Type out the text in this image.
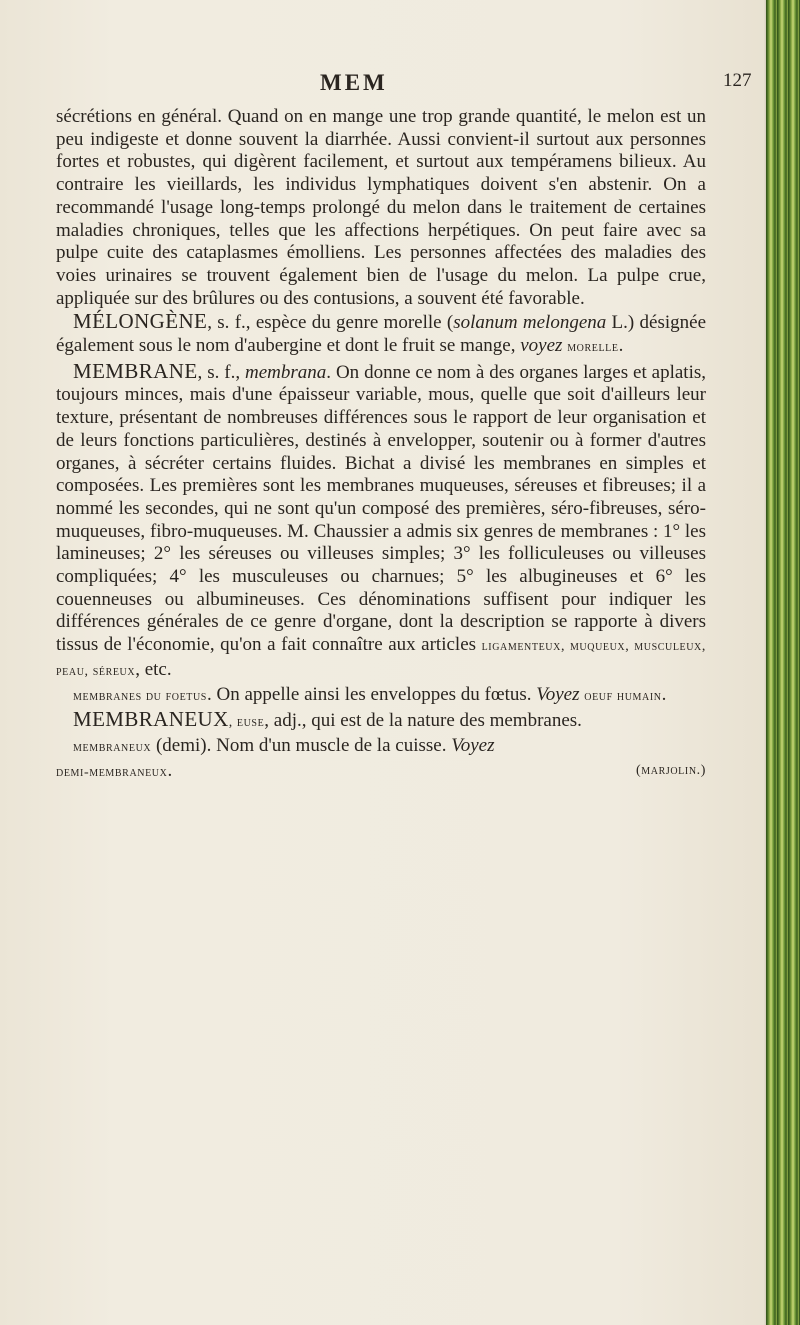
MEM	127

sécrétions en général. Quand on en mange une trop grande quantité, le melon est un peu indigeste et donne souvent la diarrhée. Aussi convient-il surtout aux personnes fortes et robustes, qui digèrent facilement, et surtout aux tempéramens bilieux. Au contraire les vieillards, les individus lymphatiques doivent s'en abstenir. On a recommandé l'usage long-temps prolongé du melon dans le traitement de certaines maladies chroniques, telles que les affections herpétiques. On peut faire avec sa pulpe cuite des cataplasmes émolliens. Les personnes affectées des maladies des voies urinaires se trouvent également bien de l'usage du melon. La pulpe crue, appliquée sur des brûlures ou des contusions, a souvent été favorable.

MÉLONGÈNE, s. f., espèce du genre morelle (solanum melongena L.) désignée également sous le nom d'aubergine et dont le fruit se mange, voyez morelle.

MEMBRANE, s. f., membrana. On donne ce nom à des organes larges et aplatis, toujours minces, mais d'une épaisseur variable, mous, quelle que soit d'ailleurs leur texture, présentant de nombreuses différences sous le rapport de leur organisation et de leurs fonctions particulières, destinés à envelopper, soutenir ou à former d'autres organes, à sécréter certains fluides. Bichat a divisé les membranes en simples et composées. Les premières sont les membranes muqueuses, séreuses et fibreuses; il a nommé les secondes, qui ne sont qu'un composé des premières, séro-fibreuses, séro-muqueuses, fibro-muqueuses. M. Chaussier a admis six genres de membranes : 1° les lamineuses; 2° les séreuses ou villeuses simples; 3° les folliculeuses ou villeuses compliquées; 4° les musculeuses ou charnues; 5° les albugineuses et 6° les couenneuses ou albumineuses. Ces dénominations suffisent pour indiquer les différences générales de ce genre d'organe, dont la description se rapporte à divers tissus de l'économie, qu'on a fait connaître aux articles ligamenteux, muqueux, musculeux, peau, séreux, etc.

membranes du foetus. On appelle ainsi les enveloppes du fœtus. Voyez oeuf humain.

MEMBRANEUX, euse, adj., qui est de la nature des membranes.

membraneux (demi). Nom d'un muscle de la cuisse. Voyez

demi-membraneux.	(marjolin.)
